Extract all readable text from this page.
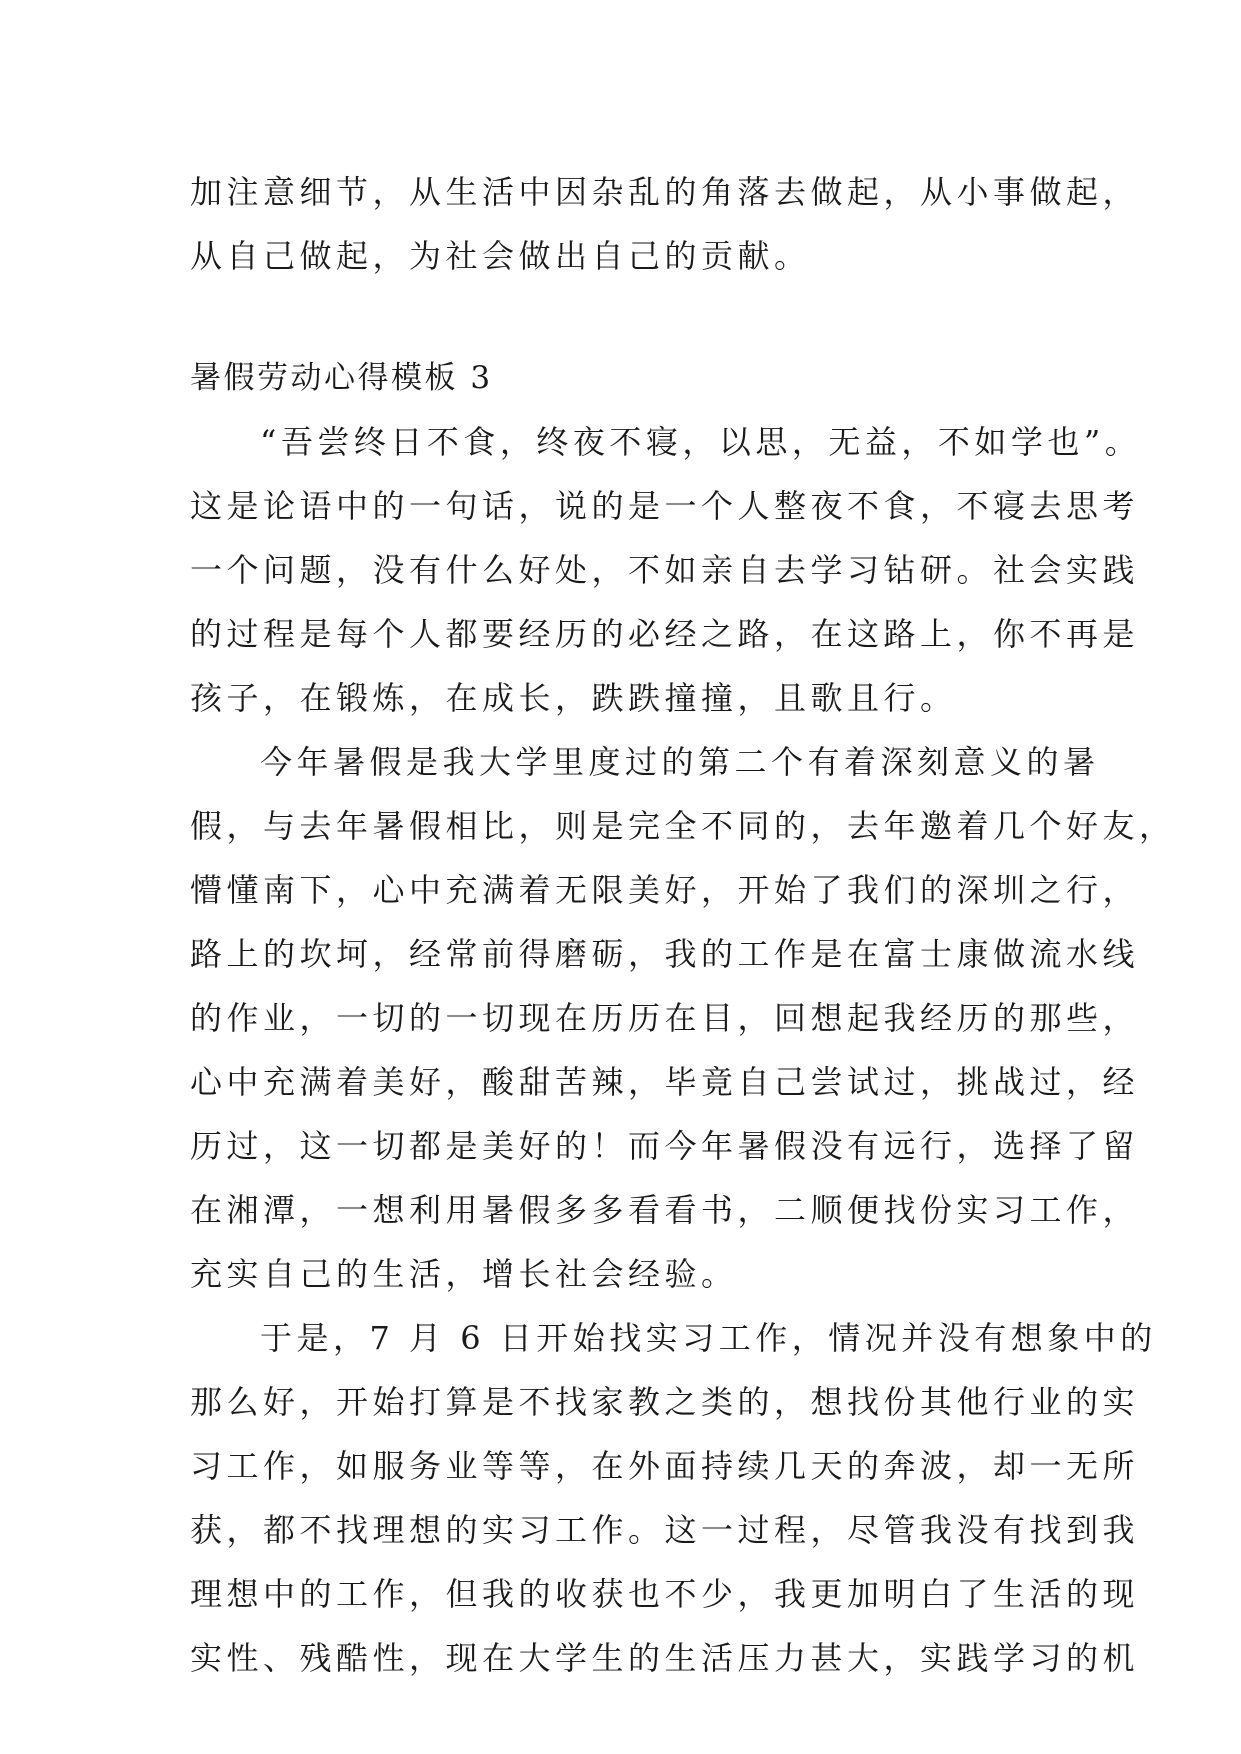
加注意细节，从生活中因杂乱的角落去做起，从小事做起，
从自己做起，为社会做出自己的贡献。
暑假劳动心得模板 3
“吾尝终日不食，终夜不寝，以思，无益，不如学也”。
这是论语中的一句话，说的是一个人整夜不食，不寝去思考
一个问题，没有什么好处，不如亲自去学习钻研。社会实践
的过程是每个人都要经历的必经之路，在这路上，你不再是
孩子，在锻炼，在成长，跌跌撞撞，且歌且行。
今年暑假是我大学里度过的第二个有着深刻意义的暑
假，与去年暑假相比，则是完全不同的，去年邀着几个好友，
懵懂南下，心中充满着无限美好，开始了我们的深圳之行，
路上的坎坷，经常前得磨砺，我的工作是在富士康做流水线
的作业，一切的一切现在历历在目，回想起我经历的那些，
心中充满着美好，酸甜苦辣，毕竟自己尝试过，挑战过，经
历过，这一切都是美好的！而今年暑假没有远行，选择了留
在湘潭，一想利用暑假多多看看书，二顺便找份实习工作，
充实自己的生活，增长社会经验。
于是，7 月 6 日开始找实习工作，情况并没有想象中的
那么好，开始打算是不找家教之类的，想找份其他行业的实
习工作，如服务业等等，在外面持续几天的奔波，却一无所
获，都不找理想的实习工作。这一过程，尽管我没有找到我
理想中的工作，但我的收获也不少，我更加明白了生活的现
实性、残酷性，现在大学生的生活压力甚大，实践学习的机
